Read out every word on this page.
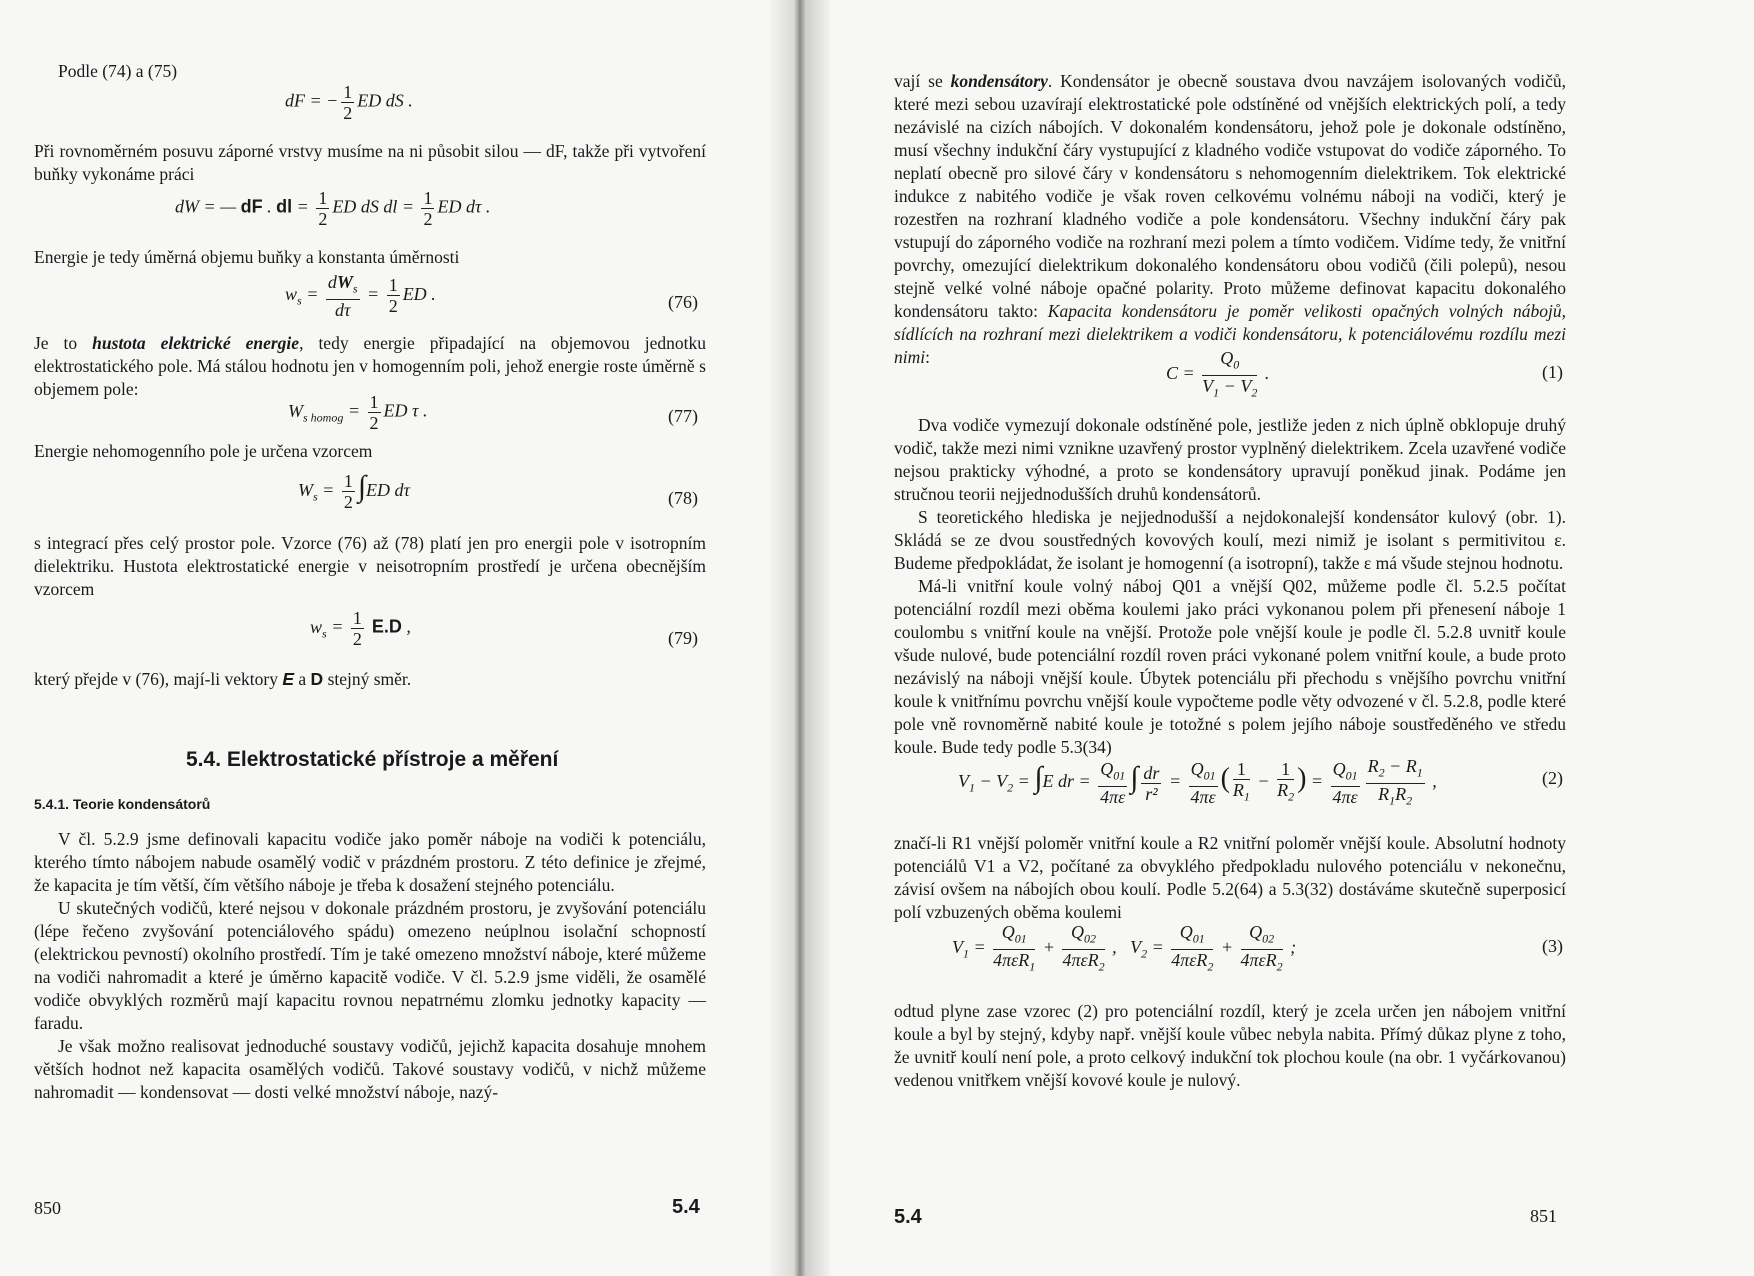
Podle (74) a (75)
dF = − $\frac{1}{2}$ ED dS .
Při rovnoměrném posuvu záporné vrstvy musíme na ni působit silou — dF, takže při vytvoření buňky vykonáme práci
dW = — dF . dl = $\frac{1}{2}$ ED dS dl = $\frac{1}{2}$ ED dτ .
Energie je tedy úměrná objemu buňky a konstanta úměrnosti
$w_s = \frac{dW_s}{d\tau} = \frac{1}{2}$ ED .	(76)
Je to hustota elektrické energie, tedy energie připadající na objemovou jednotku elektrostatického pole. Má stálou hodnotu jen v homogenním poli, jehož energie roste úměrně s objemem pole:
$W_{s homog} = \frac{1}{2}$ ED τ .	(77)
Energie nehomogenního pole je určena vzorcem
$W_s = \frac{1}{2} \int ED$ dτ	(78)
s integrací přes celý prostor pole. Vzorce (76) až (78) platí jen pro energii pole v isotropním dielektriku. Hustota elektrostatické energie v neisotropním prostředí je určena obecnějším vzorcem
$w_s = \frac{1}{2} E.D$ ,
(79)
který přejde v (76), mají-li vektory E a D stejný směr.
5.4. Elektrostatické přístroje a měření
5.4.1. Teorie kondensátorů

V čl. 5.2.9 jsme definovali kapacitu vodiče jako poměr náboje na vodiči k potenciálu, kterého tímto nábojem nabude osamělý vodič v prázdném prostoru. Z této definice je zřejmé, že kapacita je tím větší, čím většího náboje je třeba k dosažení stejného potenciálu.

U skutečných vodičů, které nejsou v dokonale prázdném prostoru, je zvyšování potenciálu (lépe řečeno zvyšování potenciálového spádu) omezeno neúplnou isolační schopností (elektrickou pevností) okolního prostředí. Tím je také omezeno množství náboje, které můžeme na vodiči nahromadit a které je úměrno kapacitě vodiče. V čl. 5.2.9 jsme viděli, že osamělé vodiče obvyklých rozměrů mají kapacitu rovnou nepatrnému zlomku jednotky kapacity — faradu.

Je však možno realisovat jednoduché soustavy vodičů, jejichž kapacita dosahuje mnohem větších hodnot než kapacita osamělých vodičů. Takové soustavy vodičů, v nichž můžeme nahromadit — kondensovat — dosti velké množství náboje, nazý-

850	5.4
vají se kondensátory. Kondensátor je obecně soustava dvou navzájem isolovaných vodičů, které mezi sebou uzavírají elektrostatické pole odstíněné od vnějších elektrických polí, a tedy nezávislé na cizích nábojích. V dokonalém kondensátoru, jehož pole je dokonale odstíněno, musí všechny indukční čáry vystupující z kladného vodiče vstupovat do vodiče záporného. To neplatí obecně pro silové čáry v kondensátoru s nehomogenním dielektrikem. Tok elektrické indukce z nabitého vodiče je však roven celkovému volnému náboji na vodiči, který je rozestřen na rozhraní kladného vodiče a pole kondensátoru. Všechny indukční čáry pak vstupují do záporného vodiče na rozhraní mezi polem a tímto vodičem. Vidíme tedy, že vnitřní povrchy, omezující dielektrikum dokonalého kondensátoru obou vodičů (čili polepů), nesou stejně velké volné náboje opačné polarity. Proto můžeme definovat kapacitu dokonalého kondensátoru takto: Kapacita kondensátoru je poměr velikosti opačných volných nábojů, sídlících na rozhraní mezi dielektrikem a vodiči kondensátoru, k potenciálovému rozdílu mezi nimi:
$C = \frac{Q_0}{V_1 - V_2}$ .	(1)

Dva vodiče vymezují dokonale odstíněné pole, jestliže jeden z nich úplně obklopuje druhý vodič, takže mezi nimi vznikne uzavřený prostor vyplněný dielektrikem. Zcela uzavřené vodiče nejsou prakticky výhodné, a proto se kondensátory upravují poněkud jinak. Podáme jen stručnou teorii nejjednodušších druhů kondensátorů.

S teoretického hlediska je nejjednodušší a nejdokonalejší kondensátor kulový (obr. 1). Skládá se ze dvou soustředných kovových koulí, mezi nimiž je isolant s permitivitou ε. Budeme předpokládat, že isolant je homogenní (a isotropní), takže ε má všude stejnou hodnotu.

Má-li vnitřní koule volný náboj Q01 a vnější Q02, můžeme podle čl. 5.2.5 počítat potenciální rozdíl mezi oběma koulemi jako práci vykonanou polem při přenesení náboje 1 coulombu s vnitřní koule na vnější. Protože pole vnější koule je podle čl. 5.2.8 uvnitř koule všude nulové, bude potenciální rozdíl roven práci vykonané polem vnitřní koule, a bude proto nezávislý na náboji vnější koule. Úbytek potenciálu při přechodu s vnějšího povrchu vnitřní koule k vnitřnímu povrchu vnější koule vypočteme podle věty odvozené v čl. 5.2.8, podle které pole vně rovnoměrně nabité koule je totožné s polem jejího náboje soustředěného ve středu koule. Bude tedy podle 5.3(34)

$V_1 - V_2 = \int E$ dr = $\frac{Q_{01}}{4\pi\varepsilon}$ ∫ $\frac{dr}{\text{r²}} = \frac{Q_{01}}{4\pi\varepsilon}$ ( $\frac{1}{R_1} - \frac{1}{R_2}$ ) = $\frac{Q_{01}}{4\pi\varepsilon} \frac{R_2 - R_1}{R_1R_2}$ ,	(2)
značí-li R1 vnější poloměr vnitřní koule a R2 vnitřní poloměr vnější koule. Absolutní hodnoty potenciálů V1 a V2, počítané za obvyklého předpokladu nulového potenciálu v nekonečnu, závisí ovšem na nábojích obou koulí. Podle 5.2(64) a 5.3(32) dostáváme skutečně superposicí polí vzbuzených oběma koulemi
$V_1 = \frac{Q_{01}}{4\pi\varepsilon R_1} + \frac{Q_{02}}{4\pi\varepsilon R_2}$ ,   $V_2 = \frac{Q_{01}}{4\pi\varepsilon R_2} + \frac{Q_{02}}{4\pi\varepsilon R_2}$ ;	(3)
odtud plyne zase vzorec (2) pro potenciální rozdíl, který je zcela určen jen nábojem vnitřní koule a byl by stejný, kdyby např. vnější koule vůbec nebyla nabita. Přímý důkaz plyne z toho, že uvnitř koulí není pole, a proto celkový indukční tok plochou koule (na obr. 1 vyčárkovanou) vedenou vnitřkem vnější kovové koule je nulový.
5.4	851
